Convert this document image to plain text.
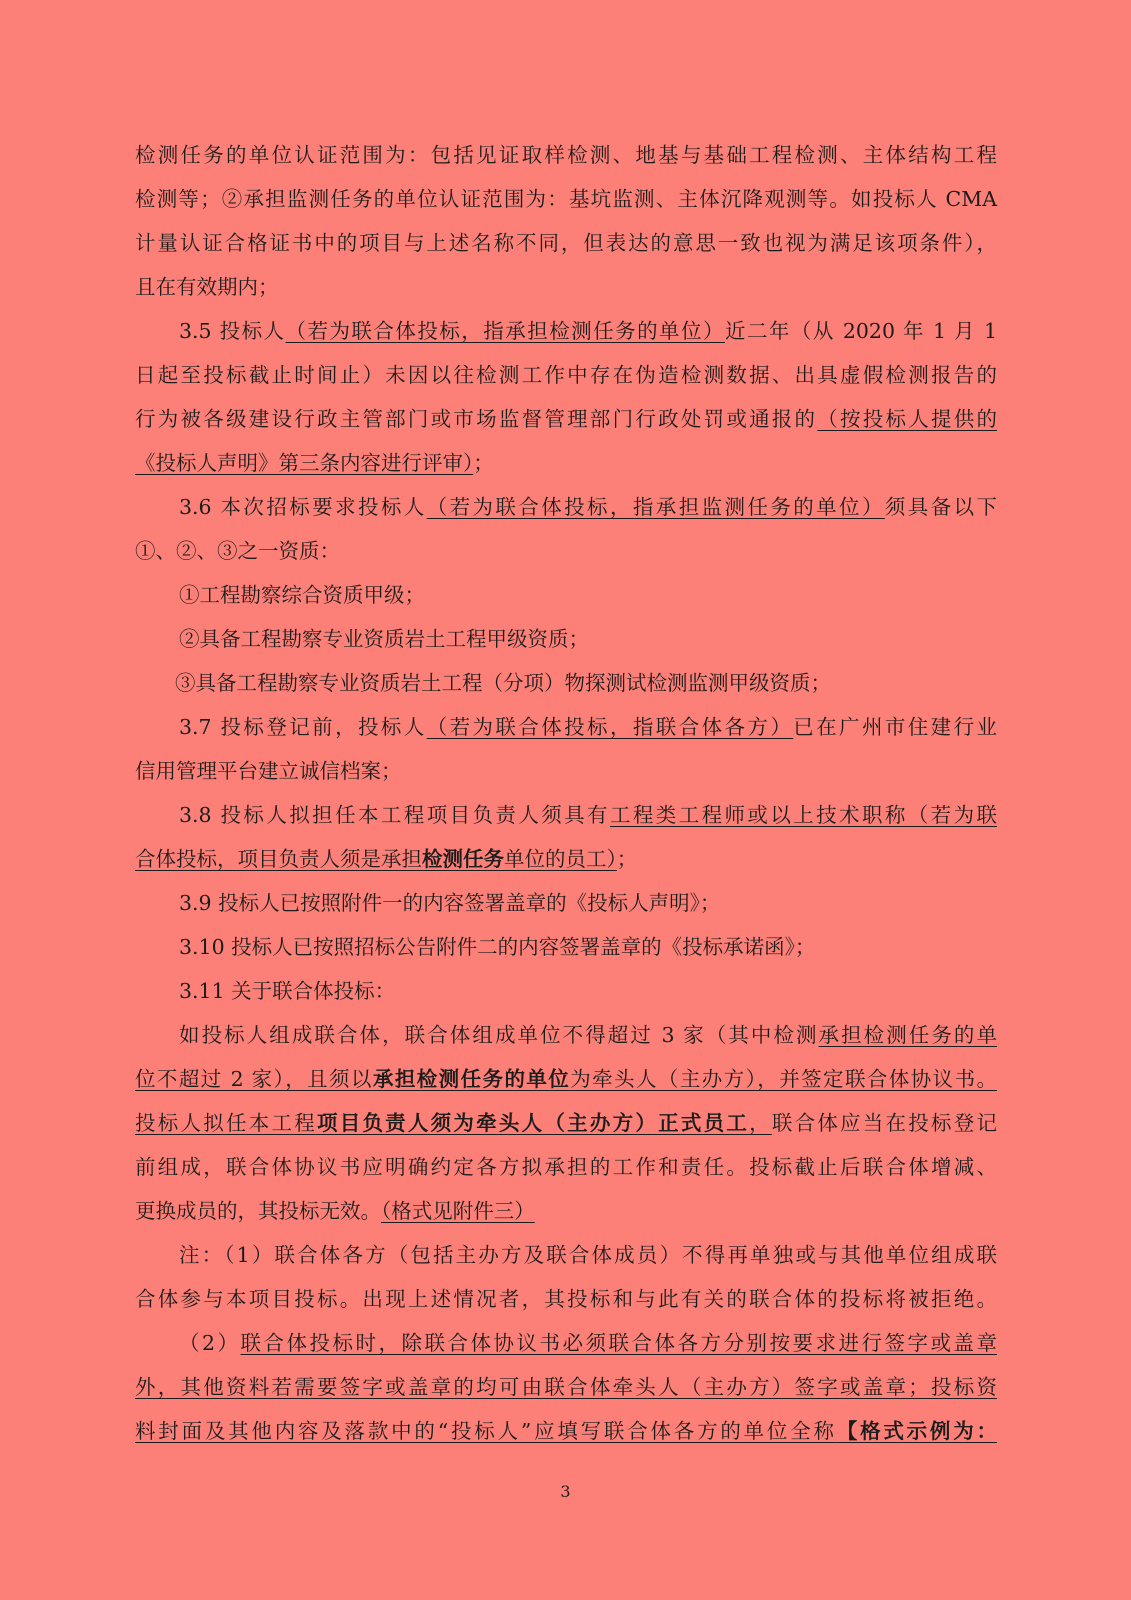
检测任务的单位认证范围为：包括见证取样检测、地基与基础工程检测、主体结构工程
检测等；②承担监测任务的单位认证范围为：基坑监测、主体沉降观测等。如投标人 CMA
计量认证合格证书中的项目与上述名称不同，但表达的意思一致也视为满足该项条件），
且在有效期内；
3.5 投标人（若为联合体投标，指承担检测任务的单位）近二年（从 2020 年 1 月 1
日起至投标截止时间止）未因以往检测工作中存在伪造检测数据、出具虚假检测报告的
行为被各级建设行政主管部门或市场监督管理部门行政处罚或通报的（按投标人提供的
《投标人声明》第三条内容进行评审）；
3.6 本次招标要求投标人（若为联合体投标，指承担监测任务的单位）须具备以下
①、②、③之一资质：
①工程勘察综合资质甲级；
②具备工程勘察专业资质岩土工程甲级资质；
③具备工程勘察专业资质岩土工程（分项）物探测试检测监测甲级资质；
3.7 投标登记前，投标人（若为联合体投标，指联合体各方）已在广州市住建行业
信用管理平台建立诚信档案；
3.8 投标人拟担任本工程项目负责人须具有工程类工程师或以上技术职称（若为联
合体投标，项目负责人须是承担检测任务单位的员工）；
3.9 投标人已按照附件一的内容签署盖章的《投标人声明》；
3.10 投标人已按照招标公告附件二的内容签署盖章的《投标承诺函》；
3.11 关于联合体投标：
如投标人组成联合体，联合体组成单位不得超过 3 家（其中检测承担检测任务的单
位不超过 2 家），且须以承担检测任务的单位为牵头人（主办方），并签定联合体协议书。
投标人拟任本工程项目负责人须为牵头人（主办方）正式员工，联合体应当在投标登记
前组成，联合体协议书应明确约定各方拟承担的工作和责任。投标截止后联合体增减、
更换成员的，其投标无效。（格式见附件三）
注：（1）联合体各方（包括主办方及联合体成员）不得再单独或与其他单位组成联
合体参与本项目投标。出现上述情况者，其投标和与此有关的联合体的投标将被拒绝。
（2）联合体投标时，除联合体协议书必须联合体各方分别按要求进行签字或盖章
外，其他资料若需要签字或盖章的均可由联合体牵头人（主办方）签字或盖章；投标资
料封面及其他内容及落款中的“投标人”应填写联合体各方的单位全称【格式示例为：
3
